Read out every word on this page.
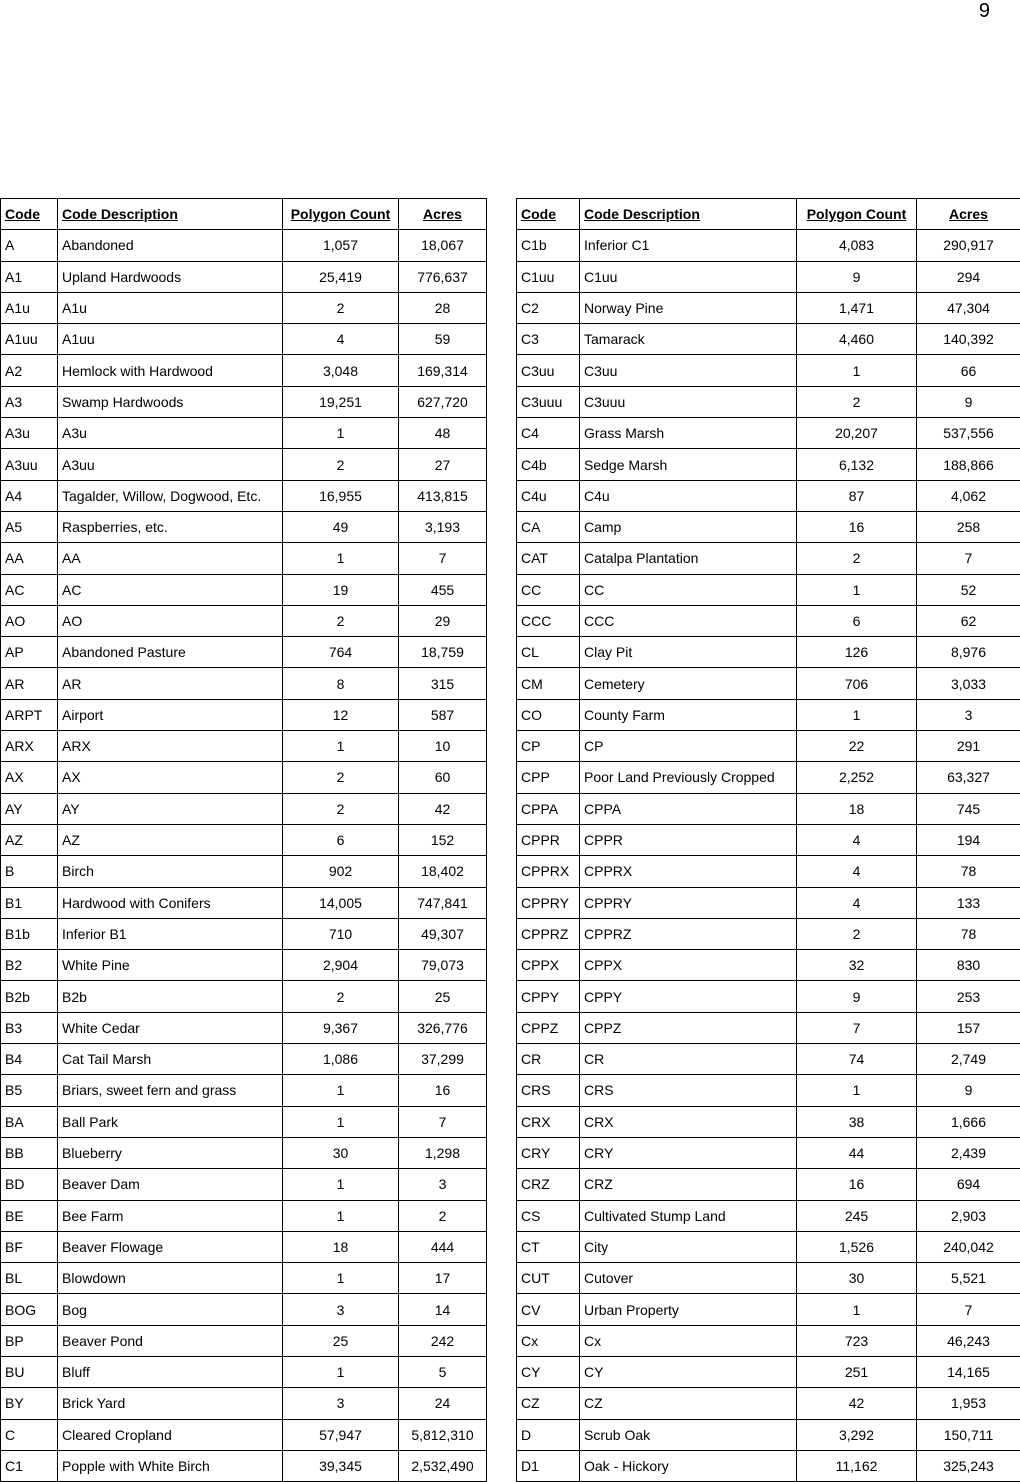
9
Code	Code Description	Polygon Count	Acres
A	Abandoned	1,057	18,067
A1	Upland Hardwoods	25,419	776,637
A1u	A1u	2	28
A1uu	A1uu	4	59
A2	Hemlock with Hardwood	3,048	169,314
A3	Swamp Hardwoods	19,251	627,720
A3u	A3u	1	48
A3uu	A3uu	2	27
A4	Tagalder, Willow, Dogwood, Etc.	16,955	413,815
A5	Raspberries, etc.	49	3,193
AA	AA	1	7
AC	AC	19	455
AO	AO	2	29
AP	Abandoned Pasture	764	18,759
AR	AR	8	315
ARPT	Airport	12	587
ARX	ARX	1	10
AX	AX	2	60
AY	AY	2	42
AZ	AZ	6	152
B	Birch	902	18,402
B1	Hardwood with Conifers	14,005	747,841
B1b	Inferior B1	710	49,307
B2	White Pine	2,904	79,073
B2b	B2b	2	25
B3	White Cedar	9,367	326,776
B4	Cat Tail Marsh	1,086	37,299
B5	Briars, sweet fern and grass	1	16
BA	Ball Park	1	7
BB	Blueberry	30	1,298
BD	Beaver Dam	1	3
BE	Bee Farm	1	2
BF	Beaver Flowage	18	444
BL	Blowdown	1	17
BOG	Bog	3	14
BP	Beaver Pond	25	242
BU	Bluff	1	5
BY	Brick Yard	3	24
C	Cleared Cropland	57,947	5,812,310
C1	Popple with White Birch	39,345	2,532,490
Code	Code Description	Polygon Count	Acres
C1b	Inferior C1	4,083	290,917
C1uu	C1uu	9	294
C2	Norway Pine	1,471	47,304
C3	Tamarack	4,460	140,392
C3uu	C3uu	1	66
C3uuu	C3uuu	2	9
C4	Grass Marsh	20,207	537,556
C4b	Sedge Marsh	6,132	188,866
C4u	C4u	87	4,062
CA	Camp	16	258
CAT	Catalpa Plantation	2	7
CC	CC	1	52
CCC	CCC	6	62
CL	Clay Pit	126	8,976
CM	Cemetery	706	3,033
CO	County Farm	1	3
CP	CP	22	291
CPP	Poor Land Previously Cropped	2,252	63,327
CPPA	CPPA	18	745
CPPR	CPPR	4	194
CPPRX	CPPRX	4	78
CPPRY	CPPRY	4	133
CPPRZ	CPPRZ	2	78
CPPX	CPPX	32	830
CPPY	CPPY	9	253
CPPZ	CPPZ	7	157
CR	CR	74	2,749
CRS	CRS	1	9
CRX	CRX	38	1,666
CRY	CRY	44	2,439
CRZ	CRZ	16	694
CS	Cultivated Stump Land	245	2,903
CT	City	1,526	240,042
CUT	Cutover	30	5,521
CV	Urban Property	1	7
Cx	Cx	723	46,243
CY	CY	251	14,165
CZ	CZ	42	1,953
D	Scrub Oak	3,292	150,711
D1	Oak - Hickory	11,162	325,243
